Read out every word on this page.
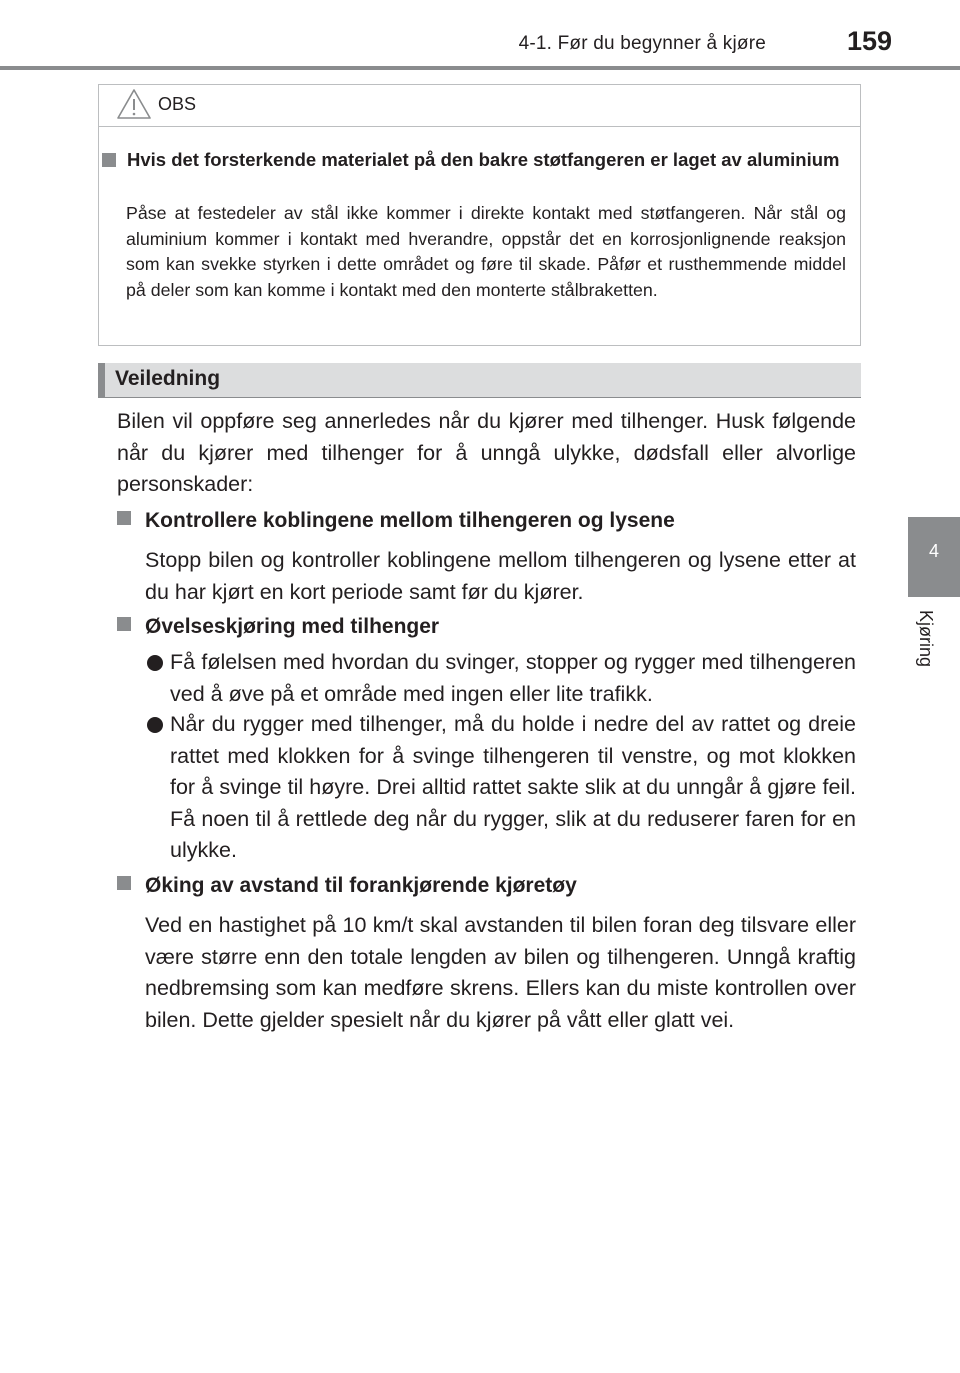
4-1. Før du begynner å kjøre	159
4
Kjøring
OBS
Hvis det forsterkende materialet på den bakre støtfangeren er laget av aluminium
Påse at festedeler av stål ikke kommer i direkte kontakt med støtfangeren. Når stål og aluminium kommer i kontakt med hverandre, oppstår det en korrosjonlignende reaksjon som kan svekke styrken i dette området og føre til skade. Påfør et rusthemmende middel på deler som kan komme i kontakt med den monterte stålbraketten.
Veiledning
Bilen vil oppføre seg annerledes når du kjører med tilhenger. Husk følgende når du kjører med tilhenger for å unngå ulykke, dødsfall eller alvorlige personskader:
Kontrollere koblingene mellom tilhengeren og lysene
Stopp bilen og kontroller koblingene mellom tilhengeren og lysene etter at du har kjørt en kort periode samt før du kjører.
Øvelseskjøring med tilhenger
Få følelsen med hvordan du svinger, stopper og rygger med tilhengeren ved å øve på et område med ingen eller lite trafikk.
Når du rygger med tilhenger, må du holde i nedre del av rattet og dreie rattet med klokken for å svinge tilhengeren til venstre, og mot klokken for å svinge til høyre. Drei alltid rattet sakte slik at du unngår å gjøre feil. Få noen til å rettlede deg når du rygger, slik at du reduserer faren for en ulykke.
Øking av avstand til forankjørende kjøretøy
Ved en hastighet på 10 km/t skal avstanden til bilen foran deg tilsvare eller være større enn den totale lengden av bilen og tilhengeren. Unngå kraftig nedbremsing som kan medføre skrens. Ellers kan du miste kontrollen over bilen. Dette gjelder spesielt når du kjører på vått eller glatt vei.
